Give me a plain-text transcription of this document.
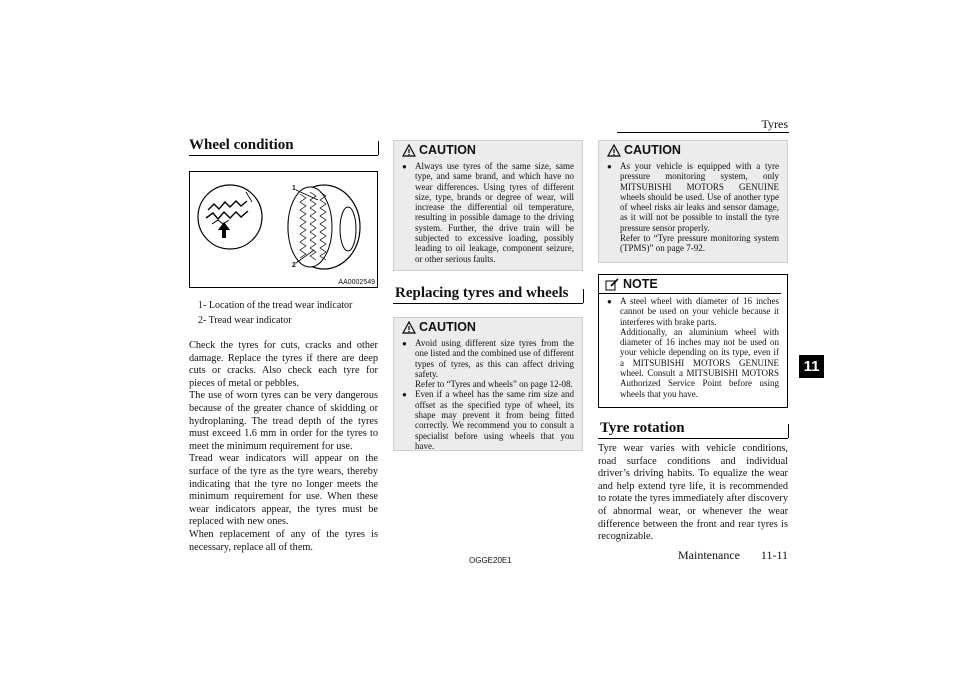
Tyres
11
Wheel condition
1
2
AA0002549
1- Location of the tread wear indicator
2- Tread wear indicator
Check the tyres for cuts, cracks and other damage. Replace the tyres if there are deep cuts or cracks. Also check each tyre for pieces of metal or pebbles.
The use of worn tyres can be very dangerous because of the greater chance of skidding or hydroplaning. The tread depth of the tyres must exceed 1.6 mm in order for the tyres to meet the minimum requirement for use.
Tread wear indicators will appear on the surface of the tyre as the tyre wears, thereby indicating that the tyre no longer meets the minimum requirement for use. When these wear indicators appear, the tyres must be replaced with new ones.
When replacement of any of the tyres is necessary, replace all of them.
CAUTION
● Always use tyres of the same size, same type, and same brand, and which have no wear differences. Using tyres of different size, type, brands or degree of wear, will increase the differential oil temperature, resulting in possible damage to the driving system. Further, the drive train will be subjected to excessive loading, possibly leading to oil leakage, component seizure, or other serious faults.
Replacing tyres and wheels
CAUTION
● Avoid using different size tyres from the one listed and the combined use of different types of tyres, as this can affect driving safety.
Refer to “Tyres and wheels” on page 12-08.
● Even if a wheel has the same rim size and offset as the specified type of wheel, its shape may prevent it from being fitted correctly. We recommend you to consult a specialist before using wheels that you have.
CAUTION
● As your vehicle is equipped with a tyre pressure monitoring system, only MITSUBISHI MOTORS GENUINE wheels should be used. Use of another type of wheel risks air leaks and sensor damage, as it will not be possible to install the tyre pressure sensor properly.
Refer to “Tyre pressure monitoring system (TPMS)” on page 7-92.
NOTE
● A steel wheel with diameter of 16 inches cannot be used on your vehicle because it interferes with brake parts.
Additionally, an aluminium wheel with diameter of 16 inches may not be used on your vehicle depending on its type, even if a MITSUBISHI MOTORS GENUINE wheel. Consult a MITSUBISHI MOTORS Authorized Service Point before using wheels that you have.
Tyre rotation
Tyre wear varies with vehicle conditions, road surface conditions and individual driver’s driving habits. To equalize the wear and help extend tyre life, it is recommended to rotate the tyres immediately after discovery of abnormal wear, or whenever the wear difference between the front and rear tyres is recognizable.
OGGE20E1	Maintenance 11-11
